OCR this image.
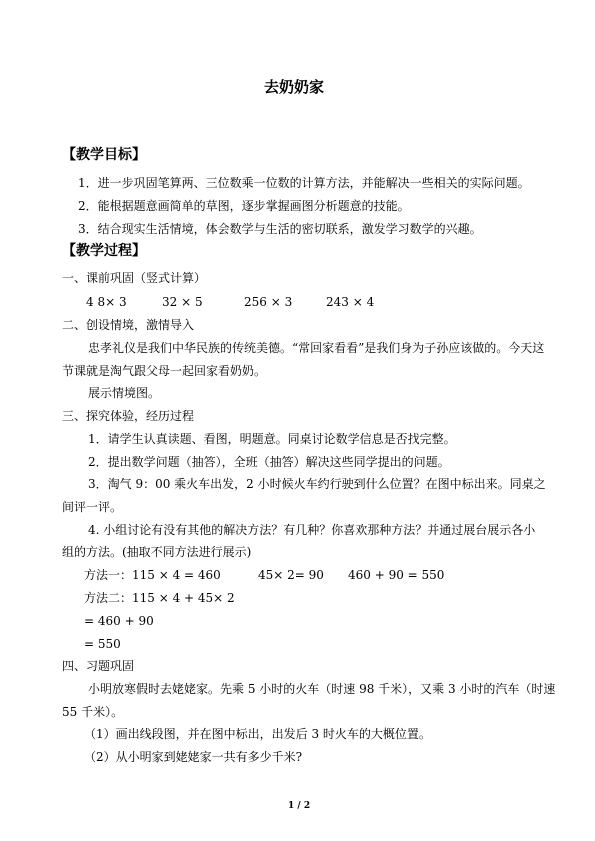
去奶奶家
【教学目标】
1．进一步巩固笔算两、三位数乘一位数的计算方法，并能解决一些相关的实际问题。
2．能根据题意画简单的草图，逐步掌握画图分析题意的技能。
3．结合现实生活情境，体会数学与生活的密切联系，激发学习数学的兴趣。
【教学过程】
一、课前巩固（竖式计算）
4 8× 3	32 × 5	256 × 3	243 × 4
二、创设情境，激情导入
忠孝礼仪是我们中华民族的传统美德。“常回家看看”是我们身为子孙应该做的。今天这
节课就是淘气跟父母一起回家看奶奶。
展示情境图。
三、探究体验，经历过程
1．请学生认真读题、看图，明题意。同桌讨论数学信息是否找完整。
2．提出数学问题（抽答），全班（抽答）解决这些同学提出的问题。
3．淘气 9：00 乘火车出发，2 小时候火车约行驶到什么位置？在图中标出来。同桌之
间评一评。
4. 小组讨论有没有其他的解决方法？有几种？你喜欢那种方法？并通过展台展示各小
组的方法。(抽取不同方法进行展示)
方法一：115 × 4 = 460	45× 2= 90 460 + 90 = 550
方法二：115 × 4 + 45× 2
= 460 + 90
= 550
四、习题巩固
小明放寒假时去姥姥家。先乘 5 小时的火车（时速 98 千米），又乘 3 小时的汽车（时速
55 千米）。
（1）画出线段图，并在图中标出，出发后 3 时火车的大概位置。
（2）从小明家到姥姥家一共有多少千米?
1 / 2
